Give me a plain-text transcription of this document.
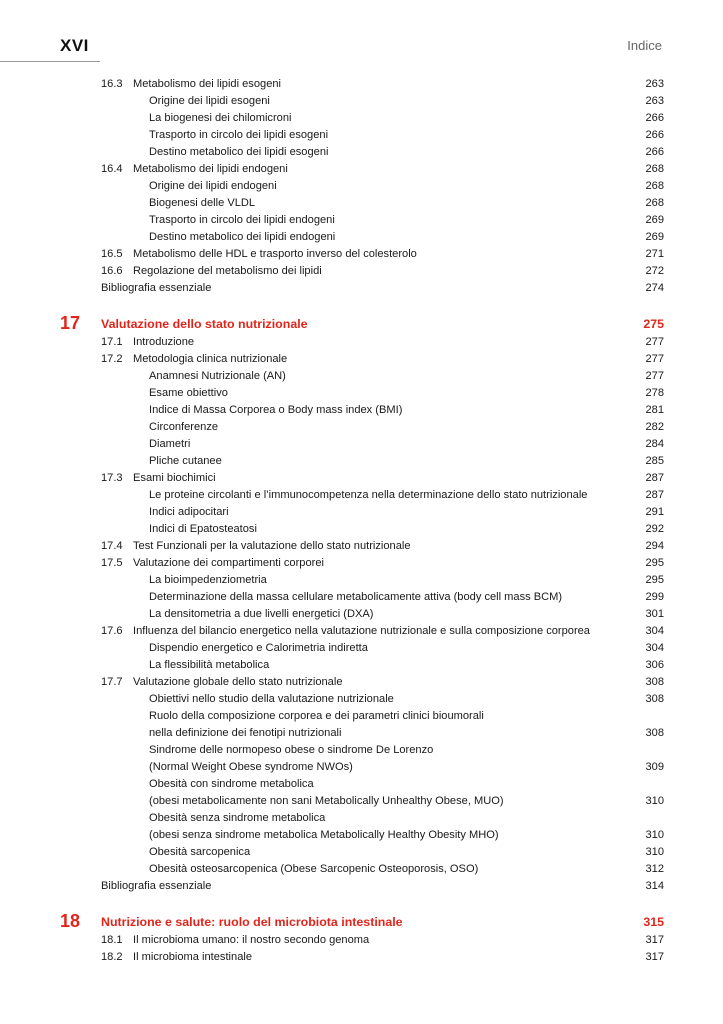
XVI	Indice
16.3 Metabolismo dei lipidi esogeni	263
Origine dei lipidi esogeni	263
La biogenesi dei chilomicroni	266
Trasporto in circolo dei lipidi esogeni	266
Destino metabolico dei lipidi esogeni	266
16.4 Metabolismo dei lipidi endogeni	268
Origine dei lipidi endogeni	268
Biogenesi delle VLDL	268
Trasporto in circolo dei lipidi endogeni	269
Destino metabolico dei lipidi endogeni	269
16.5 Metabolismo delle HDL e trasporto inverso del colesterolo	271
16.6 Regolazione del metabolismo dei lipidi	272
Bibliografia essenziale	274
17 Valutazione dello stato nutrizionale	275
17.1 Introduzione	277
17.2 Metodologia clinica nutrizionale	277
Anamnesi Nutrizionale (AN)	277
Esame obiettivo	278
Indice di Massa Corporea o Body mass index (BMI)	281
Circonferenze	282
Diametri	284
Pliche cutanee	285
17.3 Esami biochimici	287
Le proteine circolanti e l’immunocompetenza nella determinazione dello stato nutrizionale	287
Indici adipocitari	291
Indici di Epatosteatosi	292
17.4 Test Funzionali per la valutazione dello stato nutrizionale	294
17.5 Valutazione dei compartimenti corporei	295
La bioimpedenziometria	295
Determinazione della massa cellulare metabolicamente attiva (body cell mass BCM)	299
La densitometria a due livelli energetici (DXA)	301
17.6 Influenza del bilancio energetico nella valutazione nutrizionale e sulla composizione corporea	304
Dispendio energetico e Calorimetria indiretta	304
La flessibilità metabolica	306
17.7 Valutazione globale dello stato nutrizionale	308
Obiettivi nello studio della valutazione nutrizionale	308
Ruolo della composizione corporea e dei parametri clinici bioumorali
nella definizione dei fenotipi nutrizionali	308
Sindrome delle normopeso obese o sindrome De Lorenzo
(Normal Weight Obese syndrome NWOs)	309
Obesità con sindrome metabolica
(obesi metabolicamente non sani Metabolically Unhealthy Obese, MUO)	310
Obesità senza sindrome metabolica
(obesi senza sindrome metabolica Metabolically Healthy Obesity MHO)	310
Obesità sarcopenica	310
Obesità osteosarcopenica (Obese Sarcopenic Osteoporosis, OSO)	312
Bibliografia essenziale	314
18 Nutrizione e salute: ruolo del microbiota intestinale	315
18.1 Il microbioma umano: il nostro secondo genoma	317
18.2 Il microbioma intestinale	317
